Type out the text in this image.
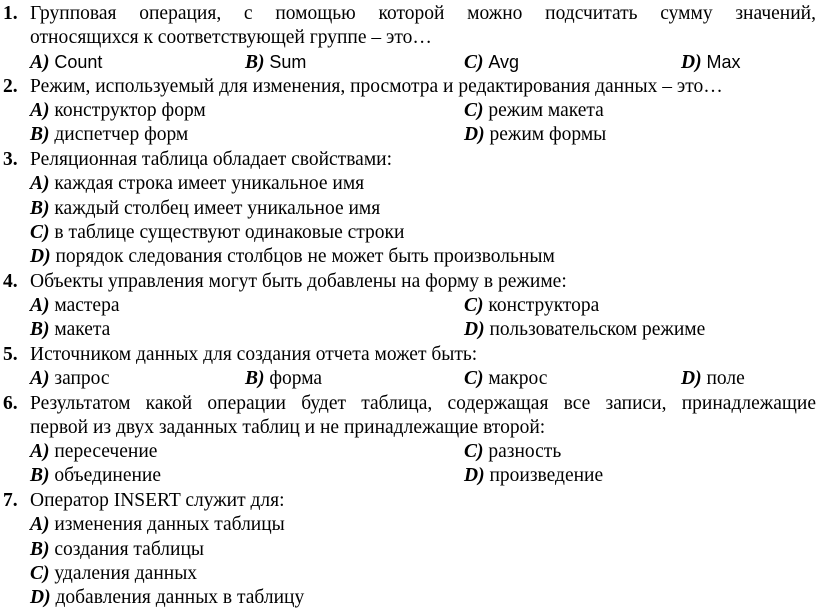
1. Групповая операция, с помощью которой можно подсчитать сумму значений,
относящихся к соответствующей группе – это…
A) Count	B) Sum	C) Avg	D) Max
2. Режим, используемый для изменения, просмотра и редактирования данных – это…
A) конструктор форм	C) режим макета
B) диспетчер форм	D) режим формы
3. Реляционная таблица обладает свойствами:
A) каждая строка имеет уникальное имя
B) каждый столбец имеет уникальное имя
C) в таблице существуют одинаковые строки
D) порядок следования столбцов не может быть произвольным
4. Объекты управления могут быть добавлены на форму в режиме:
A) мастера	C) конструктора
B) макета	D) пользовательском режиме
5. Источником данных для создания отчета может быть:
A) запрос	B) форма	C) макрос	D) поле
6. Результатом какой операции будет таблица, содержащая все записи, принадлежащие
первой из двух заданных таблиц и не принадлежащие второй:
A) пересечение	C) разность
B) объединение	D) произведение
7. Оператор INSERT служит для:
A) изменения данных таблицы
B) создания таблицы
C) удаления данных
D) добавления данных в таблицу
